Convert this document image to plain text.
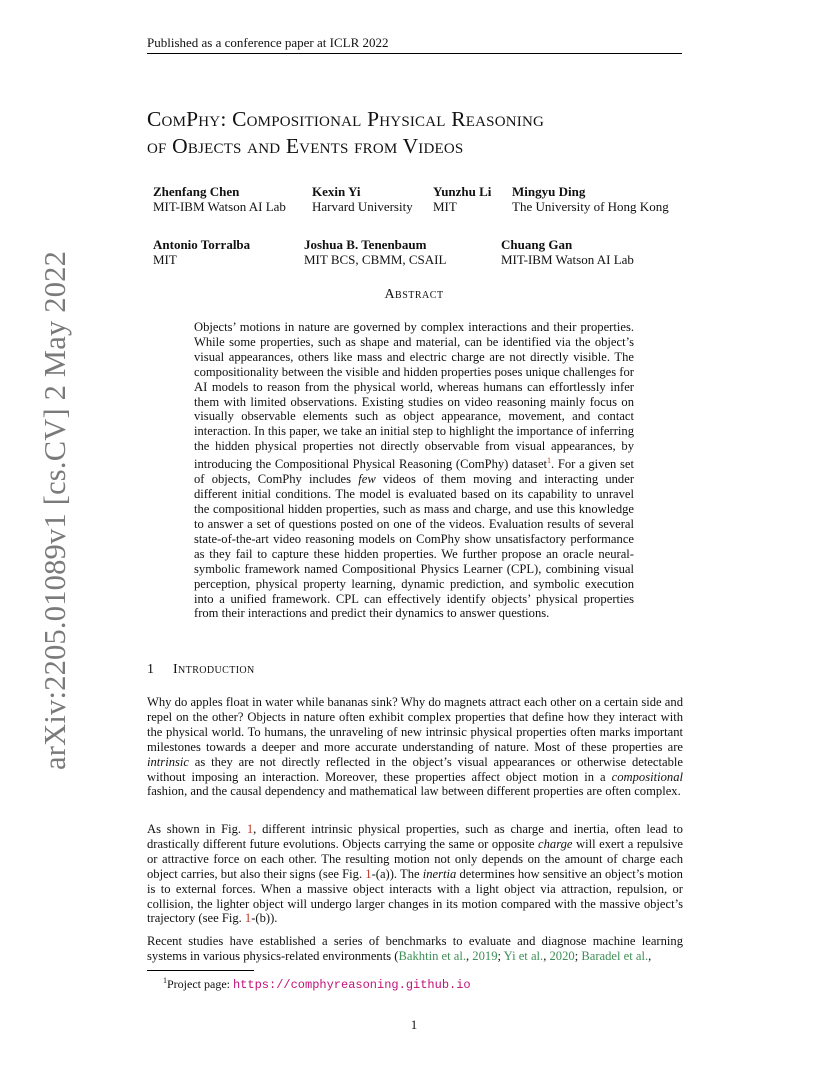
Published as a conference paper at ICLR 2022
ComPhy: Compositional Physical Reasoning
of Objects and Events from Videos
Zhenfang Chen
MIT-IBM Watson AI Lab
Kexin Yi
Harvard University
Yunzhu Li
MIT
Mingyu Ding
The University of Hong Kong
Antonio Torralba
MIT
Joshua B. Tenenbaum
MIT BCS, CBMM, CSAIL
Chuang Gan
MIT-IBM Watson AI Lab
Abstract
Objects’ motions in nature are governed by complex interactions and their properties. While some properties, such as shape and material, can be identified via the object’s visual appearances, others like mass and electric charge are not directly visible. The compositionality between the visible and hidden properties poses unique challenges for AI models to reason from the physical world, whereas humans can effortlessly infer them with limited observations. Existing studies on video reasoning mainly focus on visually observable elements such as object appearance, movement, and contact interaction. In this paper, we take an initial step to highlight the importance of inferring the hidden physical properties not directly observable from visual appearances, by introducing the Compositional Physical Reasoning (ComPhy) dataset$^1$. For a given set of objects, ComPhy includes few videos of them moving and interacting under different initial conditions. The model is evaluated based on its capability to unravel the compositional hidden properties, such as mass and charge, and use this knowledge to answer a set of questions posted on one of the videos. Evaluation results of several state-of-the-art video reasoning models on ComPhy show unsatisfactory performance as they fail to capture these hidden properties. We further propose an oracle neural-symbolic framework named Compositional Physics Learner (CPL), combining visual perception, physical property learning, dynamic prediction, and symbolic execution into a unified framework. CPL can effectively identify objects’ physical properties from their interactions and predict their dynamics to answer questions.
1 Introduction
Why do apples float in water while bananas sink? Why do magnets attract each other on a certain side and repel on the other? Objects in nature often exhibit complex properties that define how they interact with the physical world. To humans, the unraveling of new intrinsic physical properties often marks important milestones towards a deeper and more accurate understanding of nature. Most of these properties are intrinsic as they are not directly reflected in the object’s visual appearances or otherwise detectable without imposing an interaction. Moreover, these properties affect object motion in a compositional fashion, and the causal dependency and mathematical law between different properties are often complex.
As shown in Fig. 1, different intrinsic physical properties, such as charge and inertia, often lead to drastically different future evolutions. Objects carrying the same or opposite charge will exert a repulsive or attractive force on each other. The resulting motion not only depends on the amount of charge each object carries, but also their signs (see Fig. 1-(a)). The inertia determines how sensitive an object’s motion is to external forces. When a massive object interacts with a light object via attraction, repulsion, or collision, the lighter object will undergo larger changes in its motion compared with the massive object’s trajectory (see Fig. 1-(b)).
Recent studies have established a series of benchmarks to evaluate and diagnose machine learning systems in various physics-related environments (Bakhtin et al., 2019; Yi et al., 2020; Baradel et al.,
$^1$Project page: https://comphyreasoning.github.io
1
arXiv:2205.01089v1 [cs.CV] 2 May 2022
